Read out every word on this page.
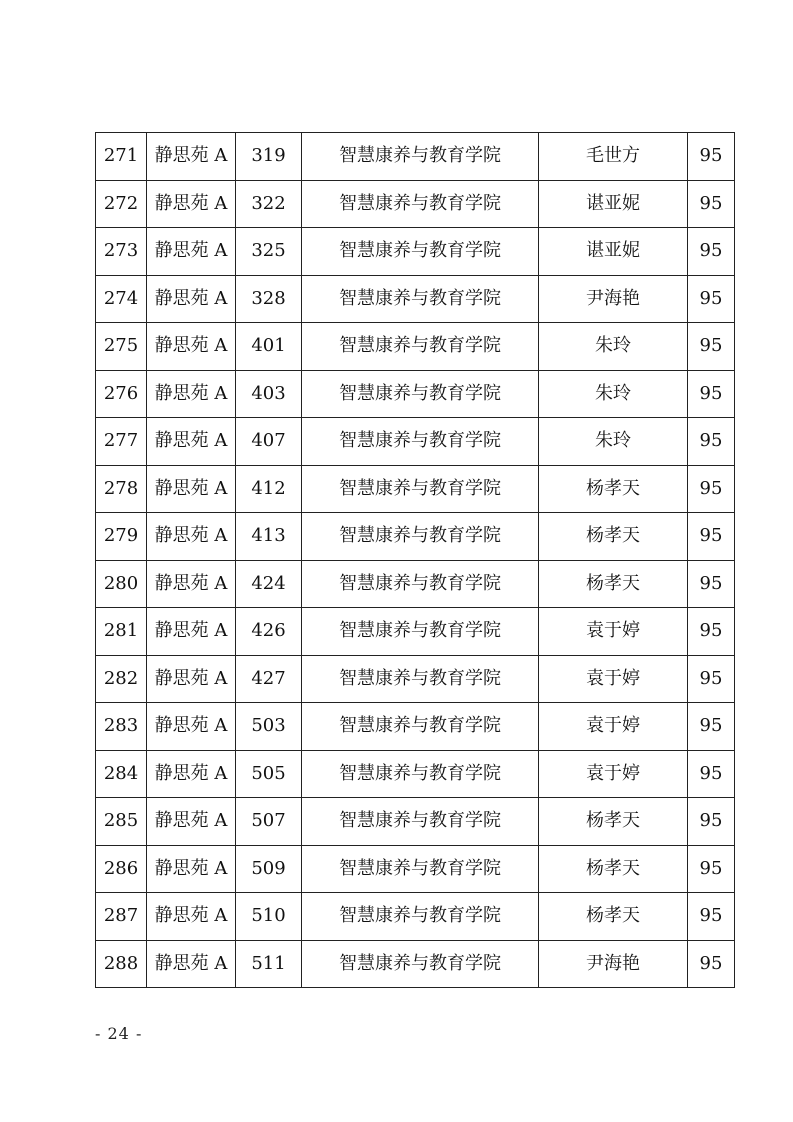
271	静思苑 A	319	智慧康养与教育学院	毛世方	95
272	静思苑 A	322	智慧康养与教育学院	谌亚妮	95
273	静思苑 A	325	智慧康养与教育学院	谌亚妮	95
274	静思苑 A	328	智慧康养与教育学院	尹海艳	95
275	静思苑 A	401	智慧康养与教育学院	朱玲	95
276	静思苑 A	403	智慧康养与教育学院	朱玲	95
277	静思苑 A	407	智慧康养与教育学院	朱玲	95
278	静思苑 A	412	智慧康养与教育学院	杨孝天	95
279	静思苑 A	413	智慧康养与教育学院	杨孝天	95
280	静思苑 A	424	智慧康养与教育学院	杨孝天	95
281	静思苑 A	426	智慧康养与教育学院	袁于婷	95
282	静思苑 A	427	智慧康养与教育学院	袁于婷	95
283	静思苑 A	503	智慧康养与教育学院	袁于婷	95
284	静思苑 A	505	智慧康养与教育学院	袁于婷	95
285	静思苑 A	507	智慧康养与教育学院	杨孝天	95
286	静思苑 A	509	智慧康养与教育学院	杨孝天	95
287	静思苑 A	510	智慧康养与教育学院	杨孝天	95
288	静思苑 A	511	智慧康养与教育学院	尹海艳	95
- 24 -
